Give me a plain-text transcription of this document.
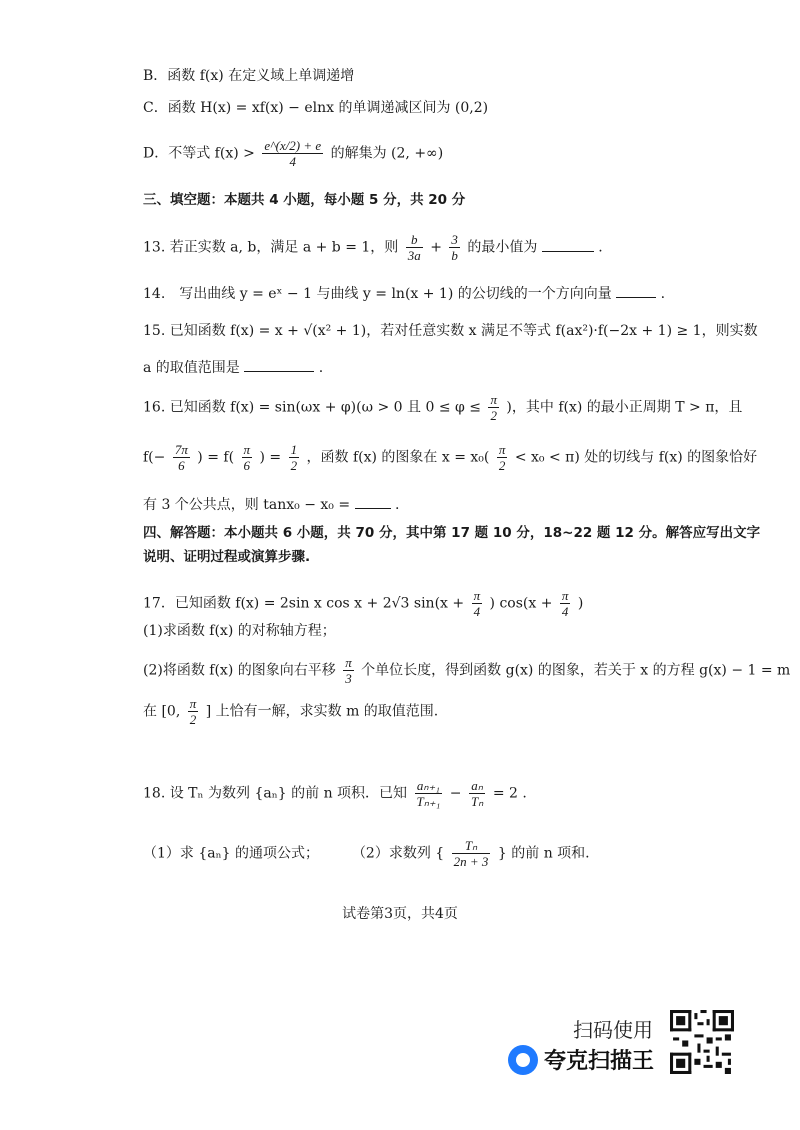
B．函数 f(x) 在定义域上单调递增
C．函数 H(x) = xf(x) − elnx 的单调递减区间为 (0,2)
D．不等式 $f(x) > \frac{e\^{}(x/2) + e}{4}$ 的解集为 (2, +∞)
三、填空题：本题共 4 小题，每小题 5 分，共 20 分
13. 若正实数 a, b，满足 a + b = 1，则 $\frac{b}{3a} + \frac{3}{b}$ 的最小值为	.
14.　写出曲线 y = eˣ − 1 与曲线 y = ln(x + 1) 的公切线的一个方向向量	.
15. 已知函数 f(x) = x + √(x² + 1)，若对任意实数 x 满足不等式 f(ax²)·f(−2x + 1) ≥ 1，则实数
a 的取值范围是	.
16. 已知函数 f(x) = sin(ωx + φ)(ω > 0 且 $0 \le \varphi \le \frac{\pi}{2}$ )，其中 f(x) 的最小正周期 T > π，且
$f(- \frac{7\pi}{6}$ ) = $f( \frac{\pi}{6}$ ) = $\frac{1}{2}$ ，函数 f(x) 的图象在 $x = x_0( \frac{\pi}{2} < x_0 < \pi)$ 处的切线与 f(x) 的图象恰好
有 3 个公共点，则 tanx₀ − x₀ =	.
四、解答题：本小题共 6 小题，共 70 分，其中第 17 题 10 分，18~22 题 12 分。解答应写出文字
说明、证明过程或演算步骤.
17．已知函数 f(x) = 2sin x cos x + 2√3 $\sin(x + \frac{\pi}{4}$ ) $\cos(x + \frac{\pi}{4}$ )
(1)求函数 f(x) 的对称轴方程；
(2)将函数 f(x) 的图象向右平移 $\frac{\pi}{3}$ 个单位长度，得到函数 g(x) 的图象，若关于 x 的方程 g(x) − 1 = m
在 [0, $\frac{\pi}{2}$ ] 上恰有一解，求实数 m 的取值范围.
18. 设 Tₙ 为数列 {aₙ} 的前 n 项积．已知 $\frac{\text{aₙ₊₁}}{\text{Tₙ₊₁}} - \frac{\text{aₙ}}{\text{Tₙ}} = 2$ .
（1）求 {aₙ} 的通项公式； （2）求数列 { $\frac{\text{Tₙ}}{2n + 3}$ } 的前 n 项和.
试卷第3页，共4页
扫码使用
夸克扫描王
